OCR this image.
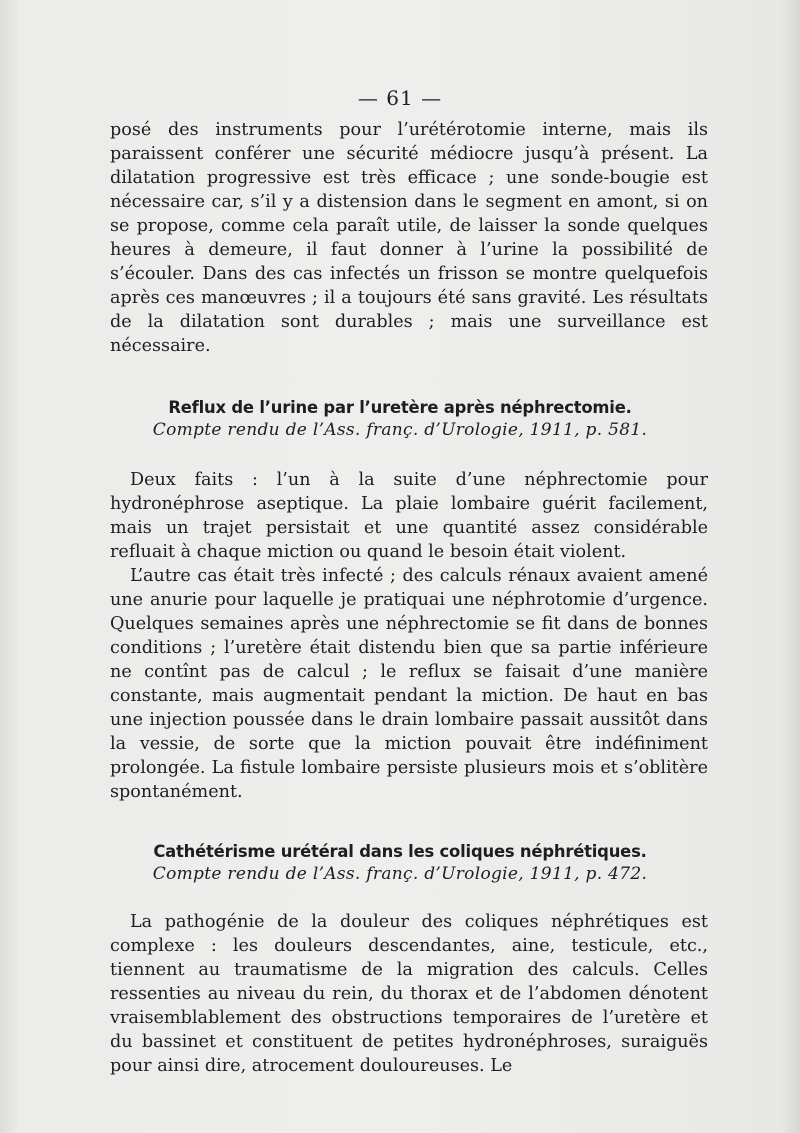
— 61 —

posé des instruments pour l’urétérotomie interne, mais ils paraissent conférer une sécurité médiocre jusqu’à présent. La dilatation progressive est très efficace ; une sonde-bougie est nécessaire car, s’il y a distension dans le segment en amont, si on se propose, comme cela paraît utile, de laisser la sonde quelques heures à demeure, il faut donner à l’urine la possibilité de s’écouler. Dans des cas infectés un frisson se montre quelquefois après ces manœuvres ; il a toujours été sans gravité. Les résultats de la dilatation sont durables ; mais une surveillance est nécessaire.

Reflux de l’urine par l’uretère après néphrectomie.
Compte rendu de l’Ass. franç. d’Urologie, 1911, p. 581.

Deux faits : l’un à la suite d’une néphrectomie pour hydronéphrose aseptique. La plaie lombaire guérit facilement, mais un trajet persistait et une quantité assez considérable refluait à chaque miction ou quand le besoin était violent.

L’autre cas était très infecté ; des calculs rénaux avaient amené une anurie pour laquelle je pratiquai une néphrotomie d’urgence. Quelques semaines après une néphrectomie se fit dans de bonnes conditions ; l’uretère était distendu bien que sa partie inférieure ne contînt pas de calcul ; le reflux se faisait d’une manière constante, mais augmentait pendant la miction. De haut en bas une injection poussée dans le drain lombaire passait aussitôt dans la vessie, de sorte que la miction pouvait être indéfiniment prolongée. La fistule lombaire persiste plusieurs mois et s’oblitère spontanément.

Cathétérisme urétéral dans les coliques néphrétiques.
Compte rendu de l’Ass. franç. d’Urologie, 1911, p. 472.

La pathogénie de la douleur des coliques néphrétiques est complexe : les douleurs descendantes, aine, testicule, etc., tiennent au traumatisme de la migration des calculs. Celles ressenties au niveau du rein, du thorax et de l’abdomen dénotent vraisemblablement des obstructions temporaires de l’uretère et du bassinet et constituent de petites hydronéphroses, suraiguës pour ainsi dire, atrocement douloureuses. Le
